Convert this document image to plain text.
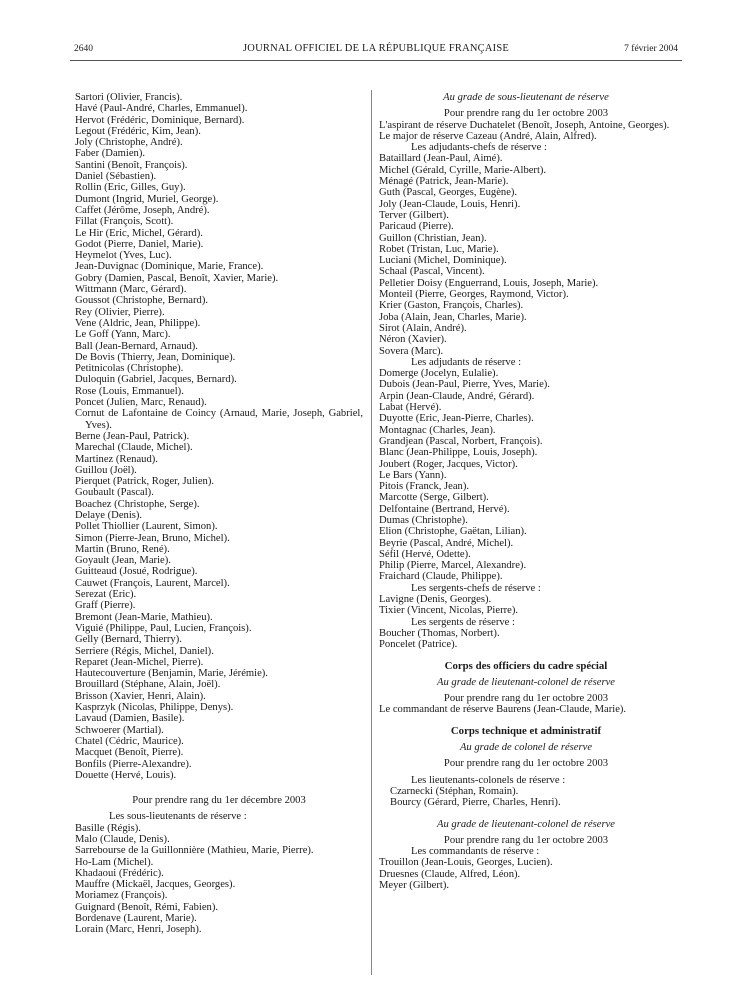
2640	JOURNAL OFFICIEL DE LA RÉPUBLIQUE FRANÇAISE	7 février 2004
Sartori (Olivier, Francis).
Havé (Paul-André, Charles, Emmanuel).
Hervot (Frédéric, Dominique, Bernard).
Legout (Frédéric, Kim, Jean).
Joly (Christophe, André).
Faber (Damien).
Santini (Benoît, François).
Daniel (Sébastien).
Rollin (Eric, Gilles, Guy).
Dumont (Ingrid, Muriel, George).
Caffet (Jérôme, Joseph, André).
Fillat (François, Scott).
Le Hir (Eric, Michel, Gérard).
Godot (Pierre, Daniel, Marie).
Heymelot (Yves, Luc).
Jean-Duvignac (Dominique, Marie, France).
Gobry (Damien, Pascal, Benoît, Xavier, Marie).
Wittmann (Marc, Gérard).
Goussot (Christophe, Bernard).
Rey (Olivier, Pierre).
Vene (Aldric, Jean, Philippe).
Le Goff (Yann, Marc).
Ball (Jean-Bernard, Arnaud).
De Bovis (Thierry, Jean, Dominique).
Petitnicolas (Christophe).
Duloquin (Gabriel, Jacques, Bernard).
Rose (Louis, Emmanuel).
Poncet (Julien, Marc, Renaud).
Cornut de Lafontaine de Coincy (Arnaud, Marie, Joseph, Gabriel, Yves).
Berne (Jean-Paul, Patrick).
Marechal (Claude, Michel).
Martinez (Renaud).
Guillou (Joël).
Pierquet (Patrick, Roger, Julien).
Goubault (Pascal).
Boachez (Christophe, Serge).
Delaye (Denis).
Pollet Thiollier (Laurent, Simon).
Simon (Pierre-Jean, Bruno, Michel).
Martin (Bruno, René).
Goyault (Jean, Marie).
Guitteaud (Josué, Rodrigue).
Cauwet (François, Laurent, Marcel).
Serezat (Eric).
Graff (Pierre).
Bremont (Jean-Marie, Mathieu).
Viguié (Philippe, Paul, Lucien, François).
Gelly (Bernard, Thierry).
Serriere (Régis, Michel, Daniel).
Reparet (Jean-Michel, Pierre).
Hautecouverture (Benjamin, Marie, Jérémie).
Brouillard (Stéphane, Alain, Joël).
Brisson (Xavier, Henri, Alain).
Kasprzyk (Nicolas, Philippe, Denys).
Lavaud (Damien, Basile).
Schwoerer (Martial).
Chatel (Cédric, Maurice).
Macquet (Benoît, Pierre).
Bonfils (Pierre-Alexandre).
Douette (Hervé, Louis).
Pour prendre rang du 1er décembre 2003
Les sous-lieutenants de réserve :
Basille (Régis).
Malo (Claude, Denis).
Sarrebourse de la Guillonnière (Mathieu, Marie, Pierre).
Ho-Lam (Michel).
Khadaoui (Frédéric).
Mauffre (Mickaël, Jacques, Georges).
Moriamez (François).
Guignard (Benoît, Rémi, Fabien).
Bordenave (Laurent, Marie).
Lorain (Marc, Henri, Joseph).
Au grade de sous-lieutenant de réserve
Pour prendre rang du 1er octobre 2003
L'aspirant de réserve Duchatelet (Benoît, Joseph, Antoine, Georges).
Le major de réserve Cazeau (André, Alain, Alfred).
Les adjudants-chefs de réserve :
Bataillard (Jean-Paul, Aimé).
Michel (Gérald, Cyrille, Marie-Albert).
Ménagé (Patrick, Jean-Marie).
Guth (Pascal, Georges, Eugène).
Joly (Jean-Claude, Louis, Henri).
Terver (Gilbert).
Paricaud (Pierre).
Guillon (Christian, Jean).
Robet (Tristan, Luc, Marie).
Luciani (Michel, Dominique).
Schaal (Pascal, Vincent).
Pelletier Doisy (Enguerrand, Louis, Joseph, Marie).
Monteil (Pierre, Georges, Raymond, Victor).
Krier (Gaston, François, Charles).
Joba (Alain, Jean, Charles, Marie).
Sirot (Alain, André).
Néron (Xavier).
Sovera (Marc).
Les adjudants de réserve :
Domerge (Jocelyn, Eulalie).
Dubois (Jean-Paul, Pierre, Yves, Marie).
Arpin (Jean-Claude, André, Gérard).
Labat (Hervé).
Duyotte (Eric, Jean-Pierre, Charles).
Montagnac (Charles, Jean).
Grandjean (Pascal, Norbert, François).
Blanc (Jean-Philippe, Louis, Joseph).
Joubert (Roger, Jacques, Victor).
Le Bars (Yann).
Pitois (Franck, Jean).
Marcotte (Serge, Gilbert).
Delfontaine (Bertrand, Hervé).
Dumas (Christophe).
Elion (Christophe, Gaëtan, Lilian).
Beyrie (Pascal, André, Michel).
Séfil (Hervé, Odette).
Philip (Pierre, Marcel, Alexandre).
Fraichard (Claude, Philippe).
Les sergents-chefs de réserve :
Lavigne (Denis, Georges).
Tixier (Vincent, Nicolas, Pierre).
Les sergents de réserve :
Boucher (Thomas, Norbert).
Poncelet (Patrice).
Corps des officiers du cadre spécial
Au grade de lieutenant-colonel de réserve
Pour prendre rang du 1er octobre 2003
Le commandant de réserve Baurens (Jean-Claude, Marie).
Corps technique et administratif
Au grade de colonel de réserve
Pour prendre rang du 1er octobre 2003
Les lieutenants-colonels de réserve :
Czarnecki (Stéphan, Romain).
Bourcy (Gérard, Pierre, Charles, Henri).
Au grade de lieutenant-colonel de réserve
Pour prendre rang du 1er octobre 2003
Les commandants de réserve :
Trouillon (Jean-Louis, Georges, Lucien).
Druesnes (Claude, Alfred, Léon).
Meyer (Gilbert).
